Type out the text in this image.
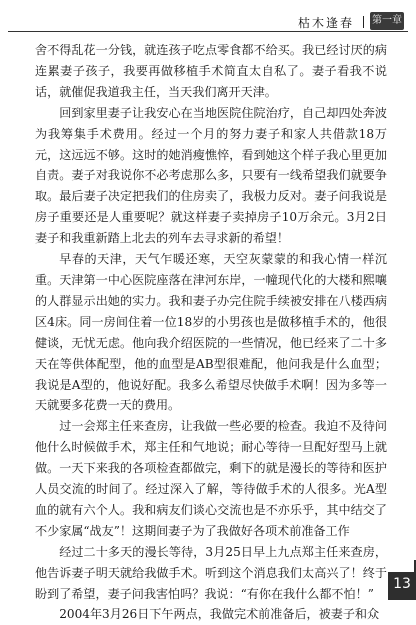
枯木逢春 第一章

舍不得乱花一分钱，就连孩子吃点零食都不给买。我已经讨厌的病连累妻子孩子，我要再做移植手术简直太自私了。妻子看我不说话，就催促我道我主任，当天我们离开天津。

回到家里妻子让我安心在当地医院住院治疗，自己却四处奔波为我筹集手术费用。经过一个月的努力妻子和家人共借款18万元，这远远不够。这时的她消瘦憔悴，看到她这个样子我心里更加自责。妻子对我说你不必考虑那么多，只要有一线希望我们就要争取。最后妻子决定把我们的住房卖了，我极力反对。妻子问我说是房子重要还是人重要呢？就这样妻子卖掉房子10万余元。3月2日妻子和我重新踏上北去的列车去寻求新的希望！

早春的天津，天气乍暖还寒，天空灰蒙蒙的和我心情一样沉重。天津第一中心医院座落在津河东岸，一幢现代化的大楼和熙嚷的人群显示出她的实力。我和妻子办完住院手续被安排在八楼西病区4床。同一房间住着一位18岁的小男孩也是做移植手术的，他很健谈，无忧无虑。他向我介绍医院的一些情况，他已经来了二十多天在等供体配型，他的血型是AB型很难配，他问我是什么血型；我说是A型的，他说好配。我多么希望尽快做手术啊！因为多等一天就要多花费一天的费用。

过一会郑主任来查房，让我做一些必要的检查。我迫不及待问他什么时候做手术，郑主任和气地说；耐心等待一旦配好型马上就做。一天下来我的各项检查都做完，剩下的就是漫长的等待和医护人员交流的时间了。经过深入了解，等待做手术的人很多。光A型血的就有六个人。我和病友们谈心交流也是不亦乐乎，其中结交了不少家属“战友”！这期间妻子为了我做好各项术前准备工作

经过二十多天的漫长等待，3月25日早上九点郑主任来查房，他告诉妻子明天就给我做手术。听到这个消息我们太高兴了！终于盼到了希望，妻子问我害怕吗？我说：“有你在我什么都不怕！”

2004年3月26日下午两点，我做完术前准备后，被妻子和众

13
